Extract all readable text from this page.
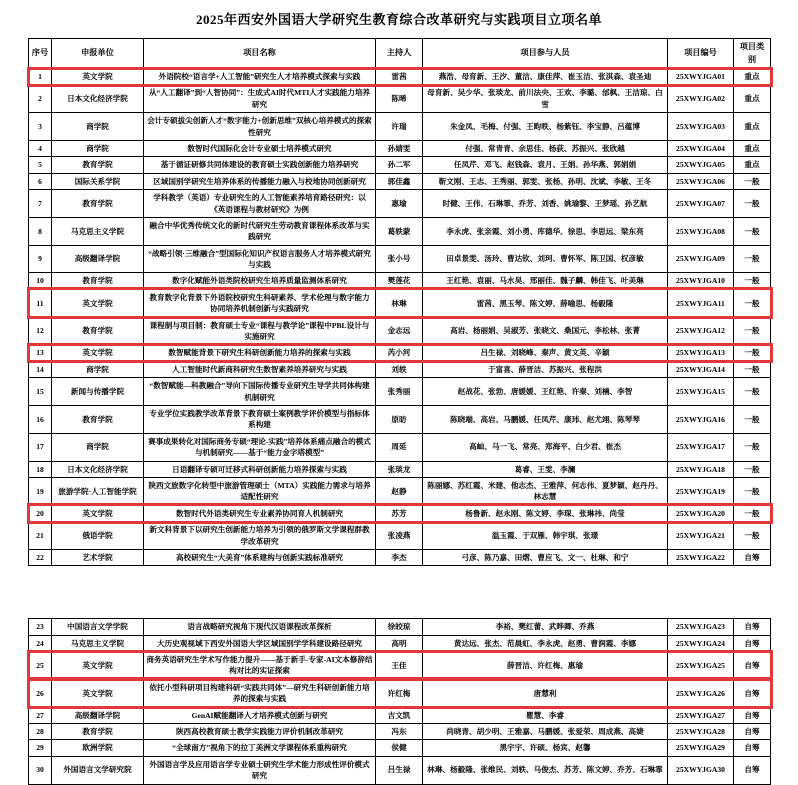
2025年西安外国语大学研究生教育综合改革研究与实践项目立项名单
序号	申报单位	项目名称	主持人	项目参与人员	项目编号	项目类别
1	英文学院	外语院校“语言学+人工智能”研究生人才培养模式探索与实践	雷茜	燕浩、母育新、王汐、董洁、康佳萍、崔玉洁、张淇森、袁圣迪	25XWYJGA01	重点
2	日本文化经济学院	从“人工翻译”到“人智协同”：生成式AI时代MTI人才实践能力培养研究	陈晞	母育新、吴少华、张琰龙、前川法央、王欢、李璐、邰枫、王洁琼、白雪	25XWYJGA02	重点
3	商学院	会计专硕拔尖创新人才“数字能力+创新思维”双核心培养模式的探索性研究	许瑞	朱金凤、毛梅、付强、王畇昳、杨紫钰、李宝静、吕蕴博	25XWYJGA03	重点
4	商学院	数智时代国际化会计专业硕士培养模式研究	孙婧雯	付强、常青青、余思佳、杨荻、苏振兴、张欣越	25XWYJGA04	重点
5	教育学院	基于循证研修共同体建设的教育硕士实践创新能力培养研究	孙二军	任凤芹、邓飞、赵钱森、袁月、王娟、孙华燕、郭娟娟	25XWYJGA05	重点
6	国际关系学院	区域国别学研究生培养体系的传播能力融入与校地协同创新研究	郭佳鑫	靳文刚、王志、王秀丽、郭雯、张杨、孙明、沈斌、李敏、王冬	25XWYJGA06	一般
7	教育学院	学科教学（英语）专业研究生的人工智能素养培育路径研究：以《英语课程与教材研究》为例	惠瑜	时健、王伟、石琳霏、乔芳、刘香、姚瑜黎、王梦瑶、孙艺航	25XWYJGA07	一般
8	马克思主义学院	融合中华优秀传统文化的新时代研究生劳动教育课程体系改革与实践研究	葛轶蒙	李永虎、张亲霞、刘小勇、库德华、徐思、李思远、梁东亮	25XWYJGA08	一般
9	高级翻译学院	“战略引领·三维融合”型国际化知识产权语言服务人才培养模式研究与实践	张小号	田卓景雯、汤玲、曹达钦、刘珂、曹怀军、陈卫国、权彦敏	25XWYJGA09	一般
10	教育学院	数字化赋能外语类院校研究生培养质量监测体系研究	樊莲花	王红艳、袁丽、马水昊、邢丽佳、魏子麟、韩佳飞、叶美琳	25XWYJGA10	一般
11	英文学院	教育数字化背景下外语院校研究生科研素养、学术伦理与数字能力协同培养机制创新与实践研究	林琳	雷茜、黑玉琴、陈文婷、薛喻思、杨毅隆	25XWYJGA11	一般
12	教育学院	课程制与项目制：教育硕士专业“课程与教学论”课程中PBL设计与实施研究	金志远	高岩、杨丽娟、吴淑芳、张晓文、桑国元、李松林、张菁	25XWYJGA12	一般
13	英文学院	数智赋能背景下研究生科研创新能力培养的探索与实践	芮小河	吕生禄、刘晓峰、秦声、黄文英、辛颖	25XWYJGA13	一般
14	商学院	人工智能时代新商科研究生数智素养培养研究与实践	刘轶	于富喜、薛晋洁、苏振兴、张程洪	25XWYJGA14	一般
15	新闻与传播学院	“数智赋能—科教融合”导向下国际传播专业研究生导学共同体构建机制研究	张秀丽	赵战花、张勃、唐媛媛、王红艳、许秦、刘楠、李智	25XWYJGA15	一般
16	教育学院	专业学位实践教学改革背景下教育硕士案例教学评价模型与指标体系构建	原昉	陈晓端、高岩、马鹏媛、任凤芹、康玮、赵尤翊、陈琴琴	25XWYJGA16	一般
17	商学院	赛事成果转化对国际商务专硕“理论-实践”培养体系痛点融合的模式与机制研究——基于“能力金字塔模型”	周延	高屾、马一飞、常亮、郑海平、白少君、崔杰	25XWYJGA17	一般
18	日本文化经济学院	日语翻译专硕可迁移式科研创新能力培养探索与实践	张琰龙	葛睿、王雯、李澜	25XWYJGA18	一般
19	旅游学院·人工智能学院	陕西文旅数字化转型中旅游管理硕士（MTA）实践能力需求与培养适配性研究	赵静	陈丽娜、苏红霞、米建、他志杰、王雅萍、何志伟、夏梦颖、赵丹丹、林志慧	25XWYJGA19	一般
20	英文学院	数智时代外语类研究生专业素养协同育人机制研究	苏芳	杨鲁新、赵永刚、陈文婷、李琛、张琳祎、尚莹	25XWYJGA20	一般
21	俄语学院	新文科背景下以研究生创新能力培养为引领的俄罗斯文学课程群教学改革研究	张凌燕	温玉霞、于双雁、韩宇琪、张璟	25XWYJGA21	一般
22	艺术学院	高校研究生“大美育”体系建构与创新实践标准研究	李杰	弓彦、陈乃嘉、田熠、曹应飞、文一、杜琳、和宁	25XWYJGA22	自筹
23	中国语言文学学院	语言战略研究视角下现代汉语课程改革探析	徐皎琼	李裕、樊红蕾、武晔卿、乔燕	25XWYJGA23	自筹
24	马克思主义学院	大历史观视域下西安外国语大学区域国别学学科建设路径研究	高明	黄达远、张杰、范晨虹、李永虎、赵勇、曹润霞、李娜	25XWYJGA24	自筹
25	英文学院	商务英语研究生学术写作能力提升——基于新手-专家-AI文本修辞结构对比的实证探索	王佳	薛晋洁、许红梅、惠瑜	25XWYJGA25	自筹
26	英文学院	依托小型科研项目构建科研“实践共同体”—研究生科研创新能力培养的探索与实践	许红梅	唐慧利	25XWYJGA26	自筹
27	高级翻译学院	GenAI赋能翻译人才培养模式创新与研究	吉文凯	瞿慧、李睿	25XWYJGA27	自筹
28	教育学院	陕西高校教育硕士教学实践能力评价机制改革研究	冯东	尚晓青、胡少明、王雅嘉、马鹏媛、张爱荣、周成燕、高婕	25XWYJGA28	自筹
29	欧洲学院	“全球南方”视角下的拉丁美洲文学课程体系重构研究	侯健	黑宇宇、许硕、杨宾、赵馨	25XWYJGA29	自筹
30	外国语言文学研究院	外国语言学及应用语言学专业硕士研究生学术能力形成性评价模式研究	吕生禄	林琳、杨毅隆、张维民、刘轶、马俊杰、苏芳、陈文婷、乔芳、石琳霏	25XWYJGA30	自筹
